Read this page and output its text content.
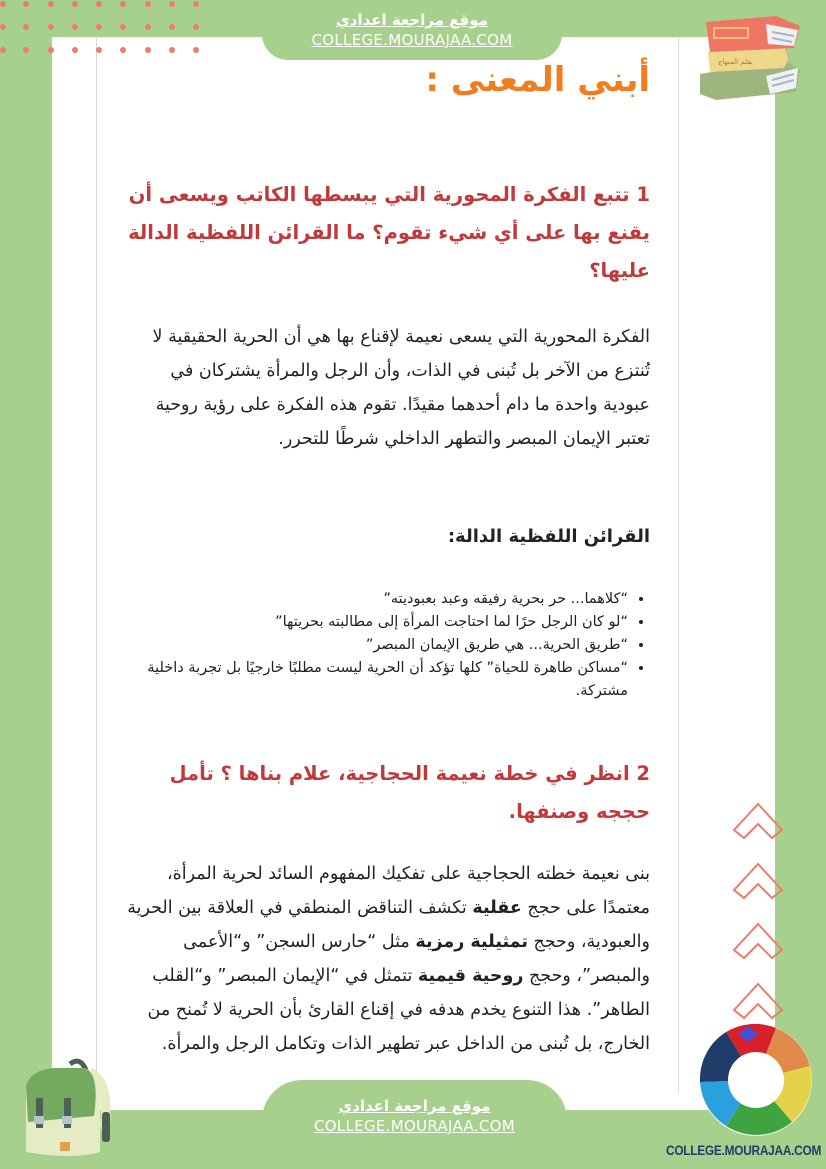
موقع مراجعة اعدادي
COLLEGE.MOURAJAA.COM
ﺑﻘﻠﻢ ﺍﻟﻤﻨﻬﺎﺝ
أبني المعنى :
1 تتبع الفكرة المحورية التي يبسطها الكاتب ويسعى أن يقنع بها على أي شيء تقوم؟ ما القرائن اللفظية الدالة عليها؟
الفكرة المحورية التي يسعى نعيمة لإقناع بها هي أن الحرية الحقيقية لا تُنتزع من الآخر بل تُبنى في الذات، وأن الرجل والمرأة يشتركان في عبودية واحدة ما دام أحدهما مقيدًا. تقوم هذه الفكرة على رؤية روحية تعتبر الإيمان المبصر والتطهر الداخلي شرطًا للتحرر.
القرائن اللفظية الدالة:
• “كلاهما... حر بحرية رفيقه وعبد بعبوديته”
• “لو كان الرجل حرًا لما احتاجت المرأة إلى مطالبته بحريتها”
• “طريق الحرية... هي طريق الإيمان المبصر”
• “مساكن طاهرة للحياة” كلها تؤكد أن الحرية ليست مطلبًا خارجيًا بل تجربة داخلية مشتركة.
2 انظر في خطة نعيمة الحجاجية، علام بناها ؟ تأمل حججه وصنفها.
بنى نعيمة خطته الحجاجية على تفكيك المفهوم السائد لحرية المرأة، معتمدًا على حجج عقلية تكشف التناقض المنطقي في العلاقة بين الحرية والعبودية، وحجج تمثيلية رمزية مثل “حارس السجن” و“الأعمى والمبصر”، وحجج روحية قيمية تتمثل في “الإيمان المبصر” و“القلب الطاهر”. هذا التنوع يخدم هدفه في إقناع القارئ بأن الحرية لا تُمنح من الخارج، بل تُبنى من الداخل عبر تطهير الذات وتكامل الرجل والمرأة.
COLLEGE.MOURAJAA.COM
موقع مراجعة اعدادي
COLLEGE.MOURAJAA.COM
